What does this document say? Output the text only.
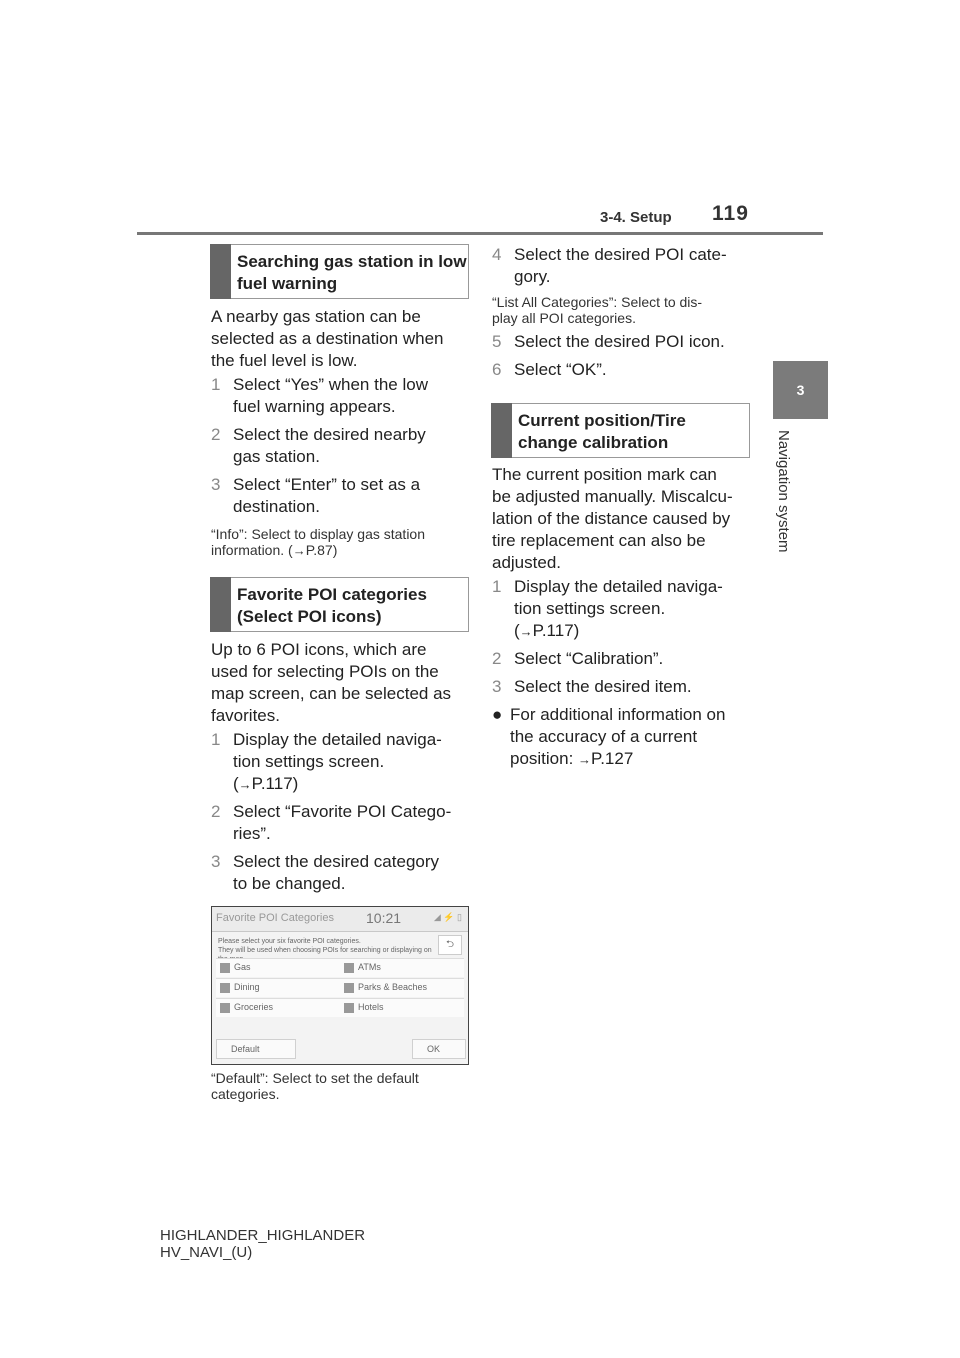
3-4. Setup 119
3
Navigation system
Searching gas station in low
fuel warning
A nearby gas station can be
selected as a destination when
the fuel level is low.
1 Select “Yes” when the low
fuel warning appears.
2 Select the desired nearby
gas station.
3 Select “Enter” to set as a
destination.
“Info”: Select to display gas station
information. (→P.87)
Favorite POI categories
(Select POI icons)
Up to 6 POI icons, which are
used for selecting POIs on the
map screen, can be selected as
favorites.
1 Display the detailed naviga-
tion settings screen.
(→P.117)
2 Select “Favorite POI Catego-
ries”.
3 Select the desired category
to be changed.
Favorite POI Categories 10:21	◢ ⚡ ▯
Please select your six favorite POI categories.
They will be used when choosing POIs for searching or displaying on
⮌
Gas	ATMs
Dining	Parks & Beaches
Groceries	Hotels
Default	OK
“Default”: Select to set the default
categories.
4 Select the desired POI cate-
gory.
“List All Categories”: Select to dis-
play all POI categories.
5 Select the desired POI icon.
6 Select “OK”.
Current position/Tire
change calibration
The current position mark can
be adjusted manually. Miscalcu-
lation of the distance caused by
tire replacement can also be
adjusted.
1 Display the detailed naviga-
tion settings screen.
(→P.117)
2 Select “Calibration”.
3 Select the desired item.
● For additional information on
the accuracy of a current
position: →P.127
HIGHLANDER_HIGHLANDER
HV_NAVI_(U)
